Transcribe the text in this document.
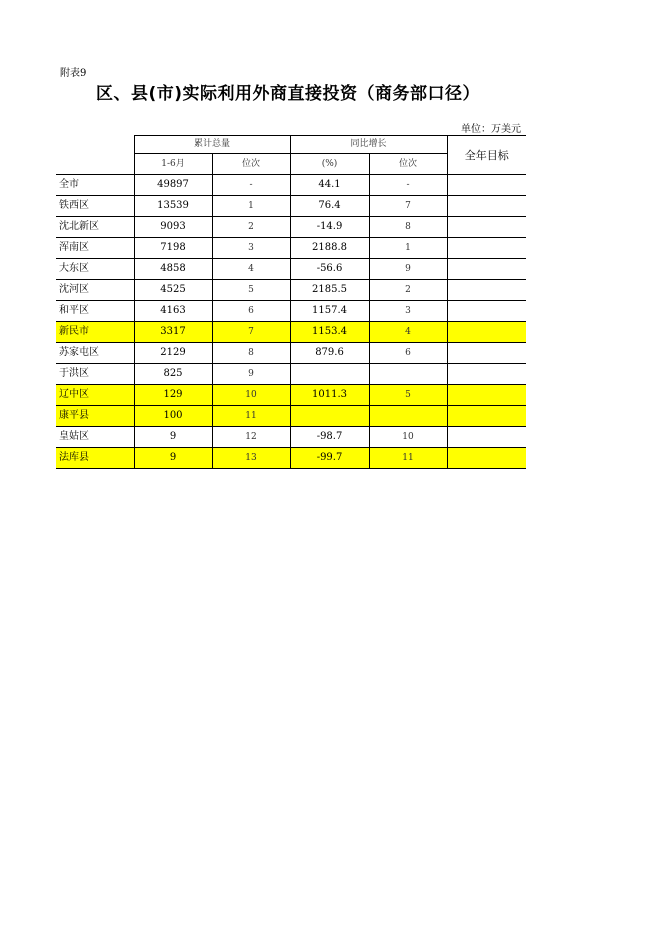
附表9
区、县(市)实际利用外商直接投资（商务部口径）
单位：万美元
	累计总量		同比增长		全年目标
	1-6月	位次	(%)	位次	
全市	49897	-	44.1	-	
铁西区	13539	1	76.4	7	
沈北新区	9093	2	-14.9	8	
浑南区	7198	3	2188.8	1	
大东区	4858	4	-56.6	9	
沈河区	4525	5	2185.5	2	
和平区	4163	6	1157.4	3	
新民市	3317	7	1153.4	4	
苏家屯区	2129	8	879.6	6	
于洪区	825	9			
辽中区	129	10	1011.3	5	
康平县	100	11			
皇姑区	9	12	-98.7	10	
法库县	9	13	-99.7	11	
